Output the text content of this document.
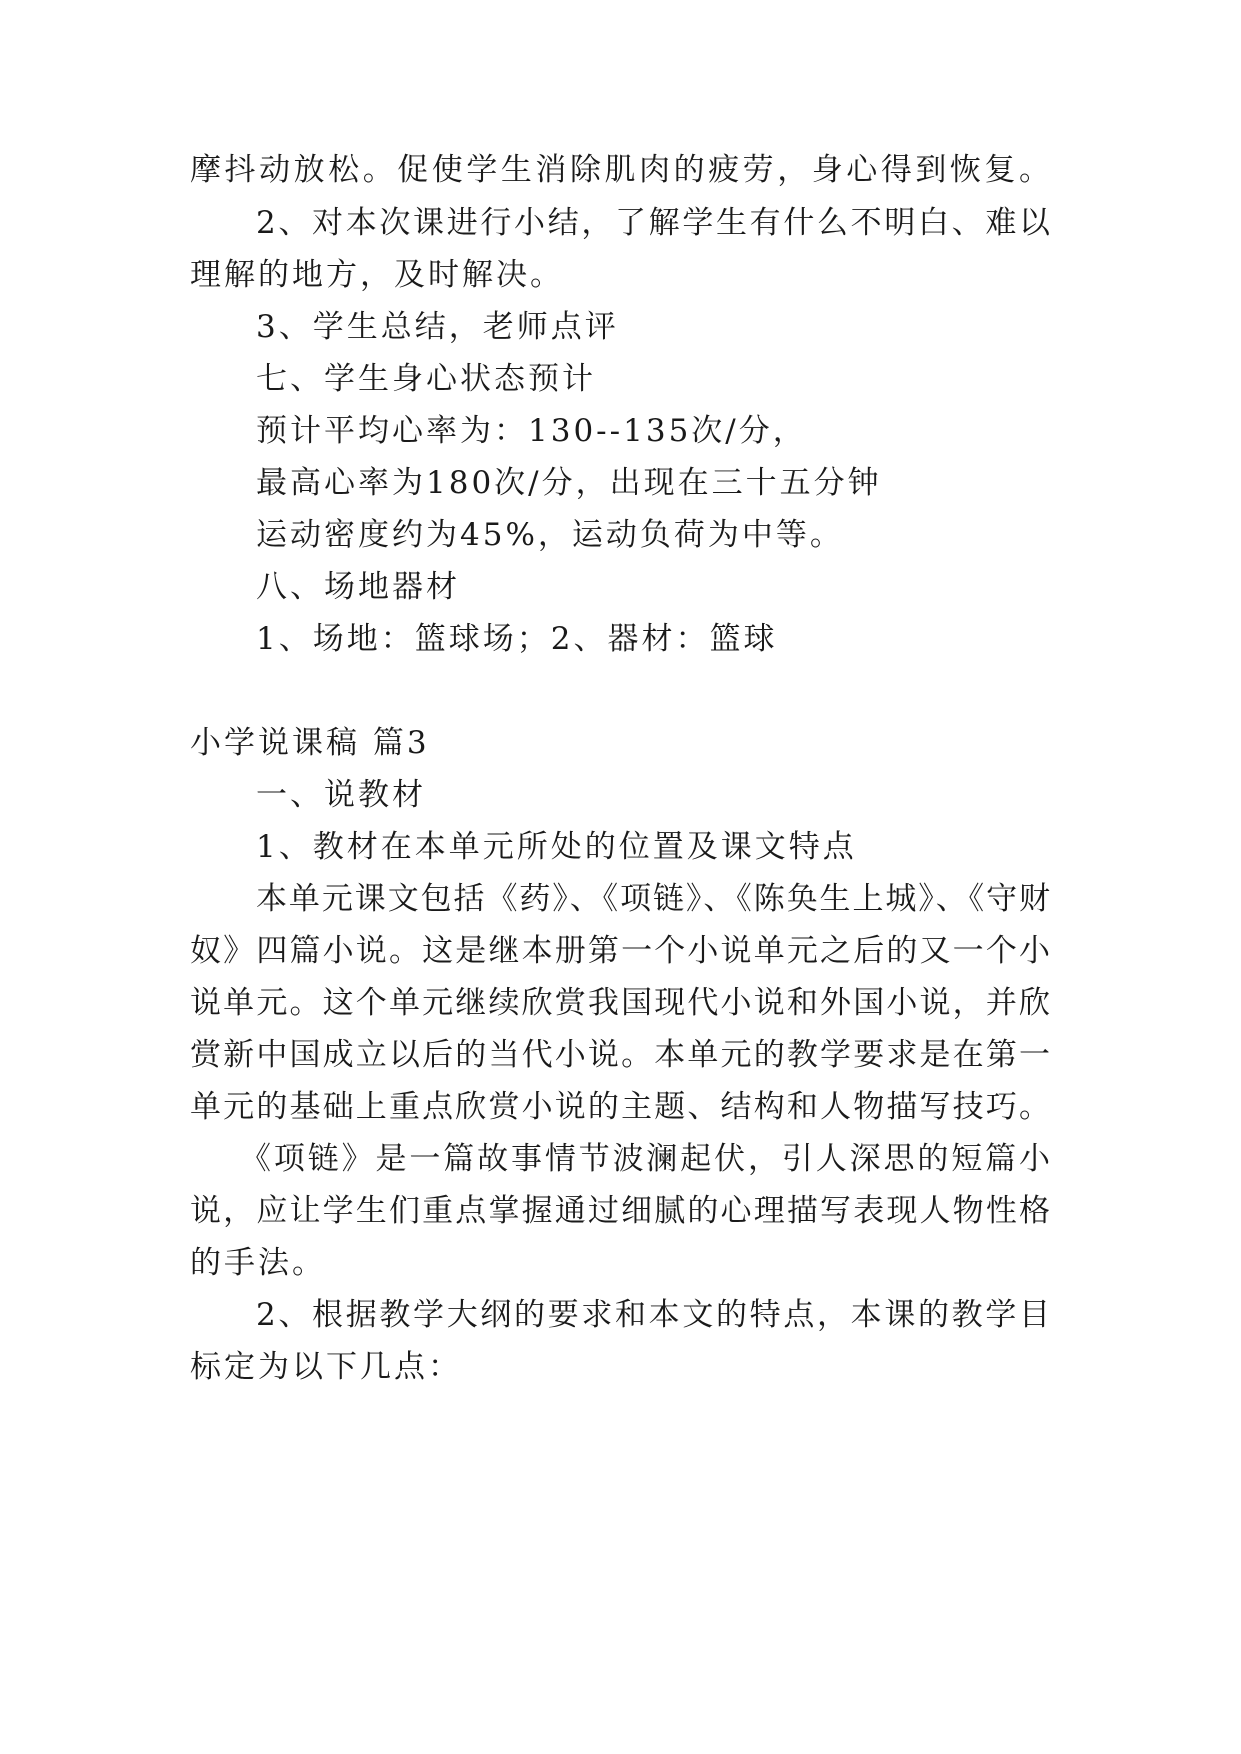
摩抖动放松。促使学生消除肌肉的疲劳，身心得到恢复。
2、对本次课进行小结，了解学生有什么不明白、难以
理解的地方，及时解决。
3、学生总结，老师点评
七、学生身心状态预计
预计平均心率为：130--135次/分，
最高心率为180次/分，出现在三十五分钟
运动密度约为45%，运动负荷为中等。
八、场地器材
1、场地：篮球场；2、器材：篮球
小学说课稿 篇3
一、说教材
1、教材在本单元所处的位置及课文特点
本单元课文包括《药》、《项链》、《陈奂生上城》、《守财
奴》四篇小说。这是继本册第一个小说单元之后的又一个小
说单元。这个单元继续欣赏我国现代小说和外国小说，并欣
赏新中国成立以后的当代小说。本单元的教学要求是在第一
单元的基础上重点欣赏小说的主题、结构和人物描写技巧。
《项链》是一篇故事情节波澜起伏，引人深思的短篇小
说，应让学生们重点掌握通过细腻的心理描写表现人物性格
的手法。
2、根据教学大纲的要求和本文的特点，本课的教学目
标定为以下几点：
